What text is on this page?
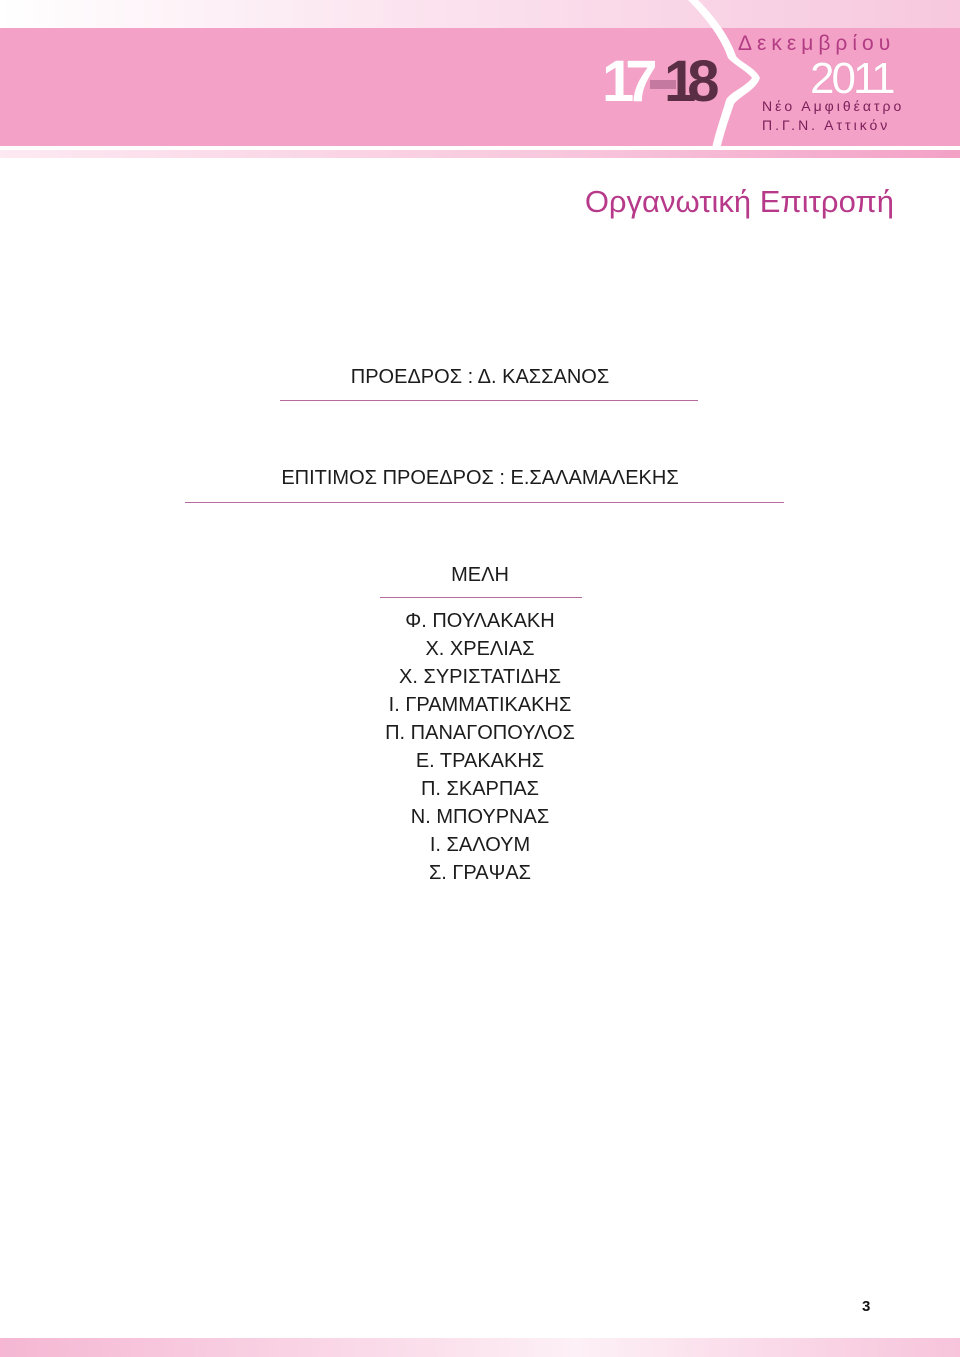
17 18
Δεκεμβρίου
2011
Νέο Αμφιθέατρο
Π.Γ.Ν. Αττικόν
Οργανωτική Επιτροπή
ΠΡΟΕΔΡΟΣ : Δ. ΚΑΣΣΑΝΟΣ
ΕΠΙΤΙΜΟΣ ΠΡΟΕΔΡΟΣ : Ε.ΣΑΛΑΜΑΛΕΚΗΣ
ΜΕΛΗ
Φ. ΠΟΥΛΑΚΑΚΗ
Χ. ΧΡΕΛΙΑΣ
Χ. ΣΥΡΙΣΤΑΤΙΔΗΣ
Ι. ΓΡΑΜΜΑΤΙΚΑΚΗΣ
Π. ΠΑΝΑΓΟΠΟΥΛΟΣ
Ε. ΤΡΑΚΑΚΗΣ
Π. ΣΚΑΡΠΑΣ
Ν. ΜΠΟΥΡΝΑΣ
Ι. ΣΑΛΟΥΜ
Σ. ΓΡΑΨΑΣ
3
